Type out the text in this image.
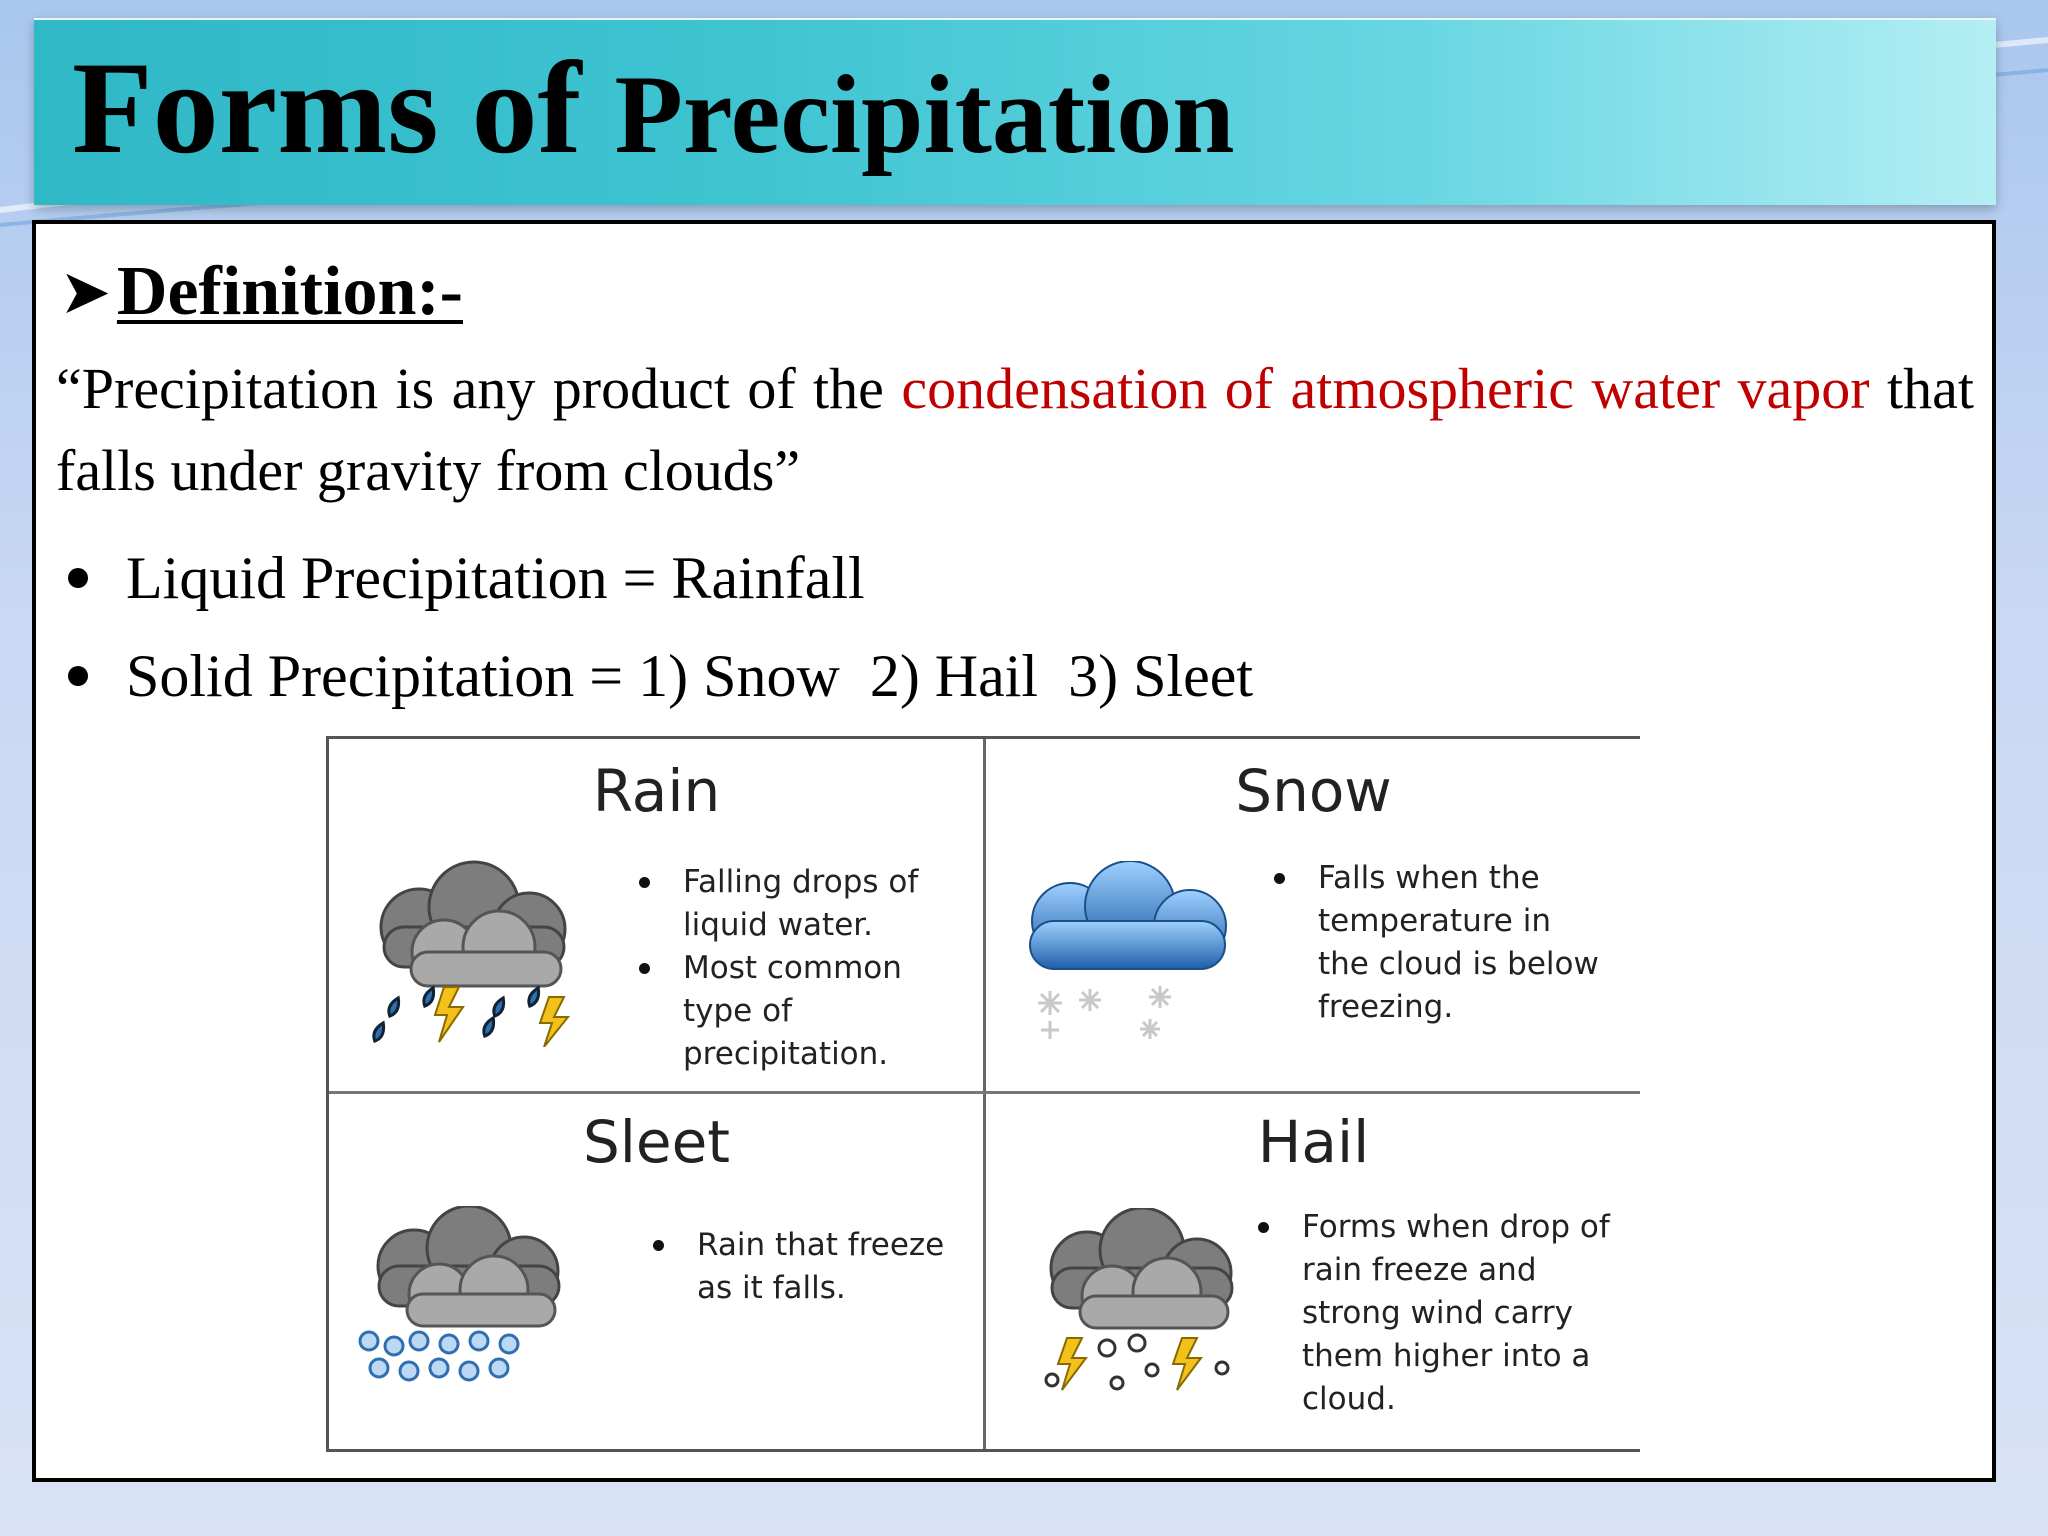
Forms of Precipitation
➤ Definition:-

“Precipitation is any product of the condensation of atmospheric water vapor that falls under gravity from clouds”

Liquid Precipitation = Rainfall
Solid Precipitation = 1) Snow  2) Hail  3) Sleet
Rain
Falling drops of liquid water.
Most common type of precipitation.
Snow
Falls when the temperature in the cloud is below freezing.
Sleet
Rain that freeze as it falls.
Hail
Forms when drop of rain freeze and strong wind carry them higher into a cloud.
